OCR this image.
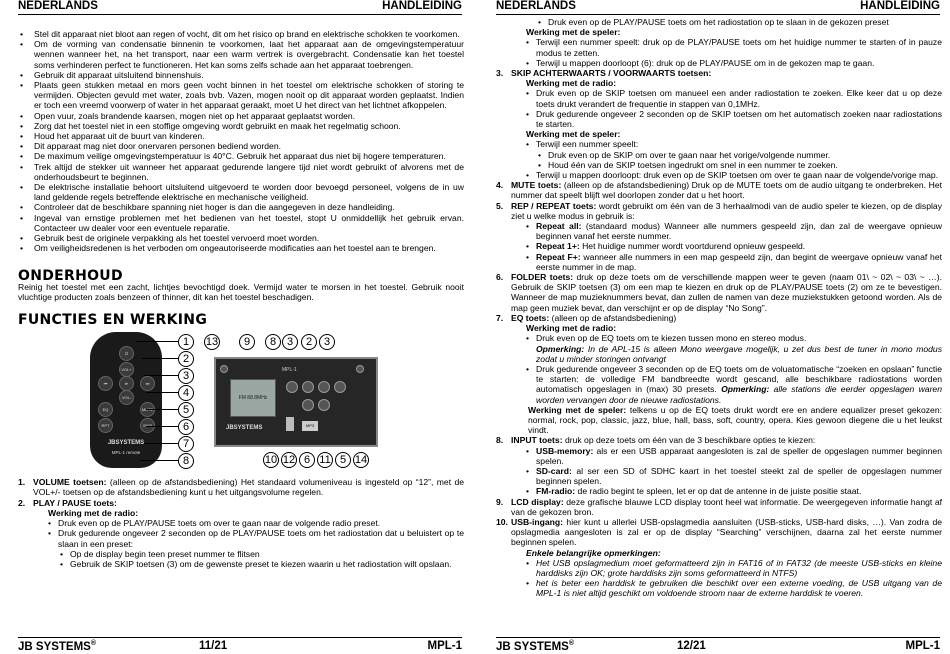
NEDERLANDS	HANDLEIDING
• Stel dit apparaat niet bloot aan regen of vocht, dit om het risico op brand en elektrische schokken te voorkomen.
• Om de vorming van condensatie binnenin te voorkomen, laat het apparaat aan de omgevingstemperatuur wennen wanneer het, na het transport, naar een warm vertrek is overgebracht. Condensatie kan het toestel soms verhinderen perfect te functioneren. Het kan soms zelfs schade aan het apparaat toebrengen.
• Gebruik dit apparaat uitsluitend binnenshuis.
• Plaats geen stukken metaal en mors geen vocht binnen in het toestel om elektrische schokken of storing te vermijden. Objecten gevuld met water, zoals bvb. Vazen, mogen nooit op dit apparaat worden geplaatst. Indien er toch een vreemd voorwerp of water in het apparaat geraakt, moet U het direct van het lichtnet afkoppelen.
• Open vuur, zoals brandende kaarsen, mogen niet op het apparaat geplaatst worden.
• Zorg dat het toestel niet in een stoffige omgeving wordt gebruikt en maak het regelmatig schoon.
• Houd het apparaat uit de buurt van kinderen.
• Dit apparaat mag niet door onervaren personen bediend worden.
• De maximum veilige omgevingstemperatuur is 40°C. Gebruik het apparaat dus niet bij hogere temperaturen.
• Trek altijd de stekker uit wanneer het apparaat gedurende langere tijd niet wordt gebruikt of alvorens met de onderhoudsbeurt te beginnen.
• De elektrische installatie behoort uitsluitend uitgevoerd te worden door bevoegd personeel, volgens de in uw land geldende regels betreffende elektrische en mechanische veiligheid.
• Controleer dat de beschikbare spanning niet hoger is dan die aangegeven in deze handleiding.
• Ingeval van ernstige problemen met het bedienen van het toestel, stopt U onmiddellijk het gebruik ervan. Contacteer uw dealer voor een eventuele reparatie.
• Gebruik best de originele verpakking als het toestel vervoerd moet worden.
• Om veiligheidsredenen is het verboden om ongeautoriseerde modificaties aan het toestel aan te brengen.
ONDERHOUD
Reinig het toestel met een zacht, lichtjes bevochtigd doek. Vermijd water te morsen in het toestel. Gebruik nooit vluchtige producten zoals benzeen of thinner, dit kan het toestel beschadigen.
FUNCTIES EN WERKING
⏻
VOL+
⏮	⏯	⏭
VOL-
EQ	MUTE
RPT	SKIP
JBSYSTEMS
MPL-1 remote
1
2
3
4
5
6
7
8
FM 88.8MHz
JBSYSTEMS
MPL-1
MP3
13	9	8 3	2	3
10 12 6 11 5 14
1. VOLUME toetsen: (alleen op de afstandsbediening) Het standaard volumeniveau is ingesteld op “12”, met de VOL+/- toetsen op de afstandsbediening kunt u het uitgangsvolume regelen.
2. PLAY / PAUSE toets:
Werking met de radio:
• Druk even op de PLAY/PAUSE toets om over te gaan naar de volgende radio preset.
• Druk gedurende ongeveer 2 seconden op de PLAY/PAUSE toets om het radiostation dat u beluistert op te slaan in een preset:
• Op de display begin teen preset nummer te flitsen
• Gebruik de SKIP toetsen (3) om de gewenste preset te kiezen waarin u het radiostation wilt opslaan.
JB SYSTEMS®	11/21	MPL-1
NEDERLANDS	HANDLEIDING
• Druk even op de PLAY/PAUSE toets om het radiostation op te slaan in de gekozen preset
Werking met de speler:
• Terwijl een nummer speelt: druk op de PLAY/PAUSE toets om het huidige nummer te starten of in pauze modus te zetten.
• Terwijl u mappen doorloopt (6): druk op de PLAY/PAUSE om in de gekozen map te gaan.
3. SKIP ACHTERWAARTS / VOORWAARTS toetsen:
Werking met de radio:
• Druk even op de SKIP toetsen om manueel een ander radiostation te zoeken. Elke keer dat u op deze toets drukt verandert de frequentie in stappen van 0,1MHz.
• Druk gedurende ongeveer 2 seconden op de SKIP toetsen om het automatisch zoeken naar radiostations te starten.
Werking met de speler:
• Terwijl een nummer speelt:
• Druk even op de SKIP om over te gaan naar het vorige/volgende nummer.
• Houd één van de SKIP toetsen ingedrukt om snel in een nummer te zoeken.
• Terwijl u mappen doorloopt: druk even op de SKIP toetsen om over te gaan naar de volgende/vorige map.
4. MUTE toets: (alleen op de afstandsbediening) Druk op de MUTE toets om de audio uitgang te onderbreken. Het nummer dat speelt blijft wel doorlopen zonder dat u het hoort.
5. REP / REPEAT toets: wordt gebruikt om één van de 3 herhaalmodi van de audio speler te kiezen, op de display ziet u welke modus in gebruik is:
• Repeat all: (standaard modus) Wanneer alle nummers gespeeld zijn, dan zal de weergave opnieuw beginnen vanaf het eerste nummer.
• Repeat 1+: Het huidige nummer wordt voortdurend opnieuw gespeeld.
• Repeat F+: wanneer alle nummers in een map gespeeld zijn, dan begint de weergave opnieuw vanaf het eerste nummer in de map.
6. FOLDER toets: druk op deze toets om de verschillende mappen weer te geven (naam 01\ ~ 02\ ~ 03\ ~ …). Gebruik de SKIP toetsen (3) om een map te kiezen en druk op de PLAY/PAUSE toets (2) om ze te bevestigen. Wanneer de map muzieknummers bevat, dan zullen de namen van deze muziekstukken getoond worden. Als de map geen muziek bevat, dan verschijnt er op de display “No Song”.
7. EQ toets: (alleen op de afstandsbediening)
Werking met de radio:
• Druk even op de EQ toets om te kiezen tussen mono en stereo modus.
Opmerking: In de APL-15 is alleen Mono weergave mogelijk, u zet dus best de tuner in mono modus zodat u minder storingen ontvangt
• Druk gedurende ongeveer 3 seconden op de EQ toets om de voluatomatische “zoeken en opslaan” functie te starten: de volledige FM bandbreedte wordt gescand, alle beschikbare radiostations worden automatisch opgeslagen in (max) 30 presets. Opmerking: alle stations die eerder opgeslagen waren worden vervangen door de nieuwe radiostations.
Werking met de speler: telkens u op de EQ toets drukt wordt ere en andere equalizer preset gekozen: normal, rock, pop, classic, jazz, blue, hall, bass, soft, country, opera. Kies gewoon diegene die u het leukst vindt.
8. INPUT toets: druk op deze toets om één van de 3 beschikbare opties te kiezen:
• USB-memory: als er een USB apparaat aangesloten is zal de speller de opgeslagen nummer beginnen spelen.
• SD-card: al ser een SD of SDHC kaart in het toestel steekt zal de speller de opgeslagen nummer beginnen spelen.
• FM-radio: de radio begint te spleen, let er op dat de antenne in de juiste positie staat.
9. LCD display: deze grafische blauwe LCD display toont heel wat informatie. De weergegeven informatie hangt af van de gekozen bron.
10. USB-ingang: hier kunt u allerlei USB-opslagmedia aansluiten (USB-sticks, USB-hard disks, …). Van zodra de opslagmedia aangesloten is zal er op de display “Searching” verschijnen, daarna zal het eerste nummer beginnen spelen.
Enkele belangrijke opmerkingen:
• Het USB opslagmedium moet geformatteerd zijn in FAT16 of in FAT32 (de meeste USB-sticks en kleine harddisks zijn OK; grote harddisks zijn soms geformatteerd in NTFS)
• het is beter een harddisk te gebruiken die beschikt over een externe voeding, de USB uitgang van de MPL-1 is niet altijd geschikt om voldoende stroom naar de externe harddisk te voeren.
JB SYSTEMS®	12/21	MPL-1
